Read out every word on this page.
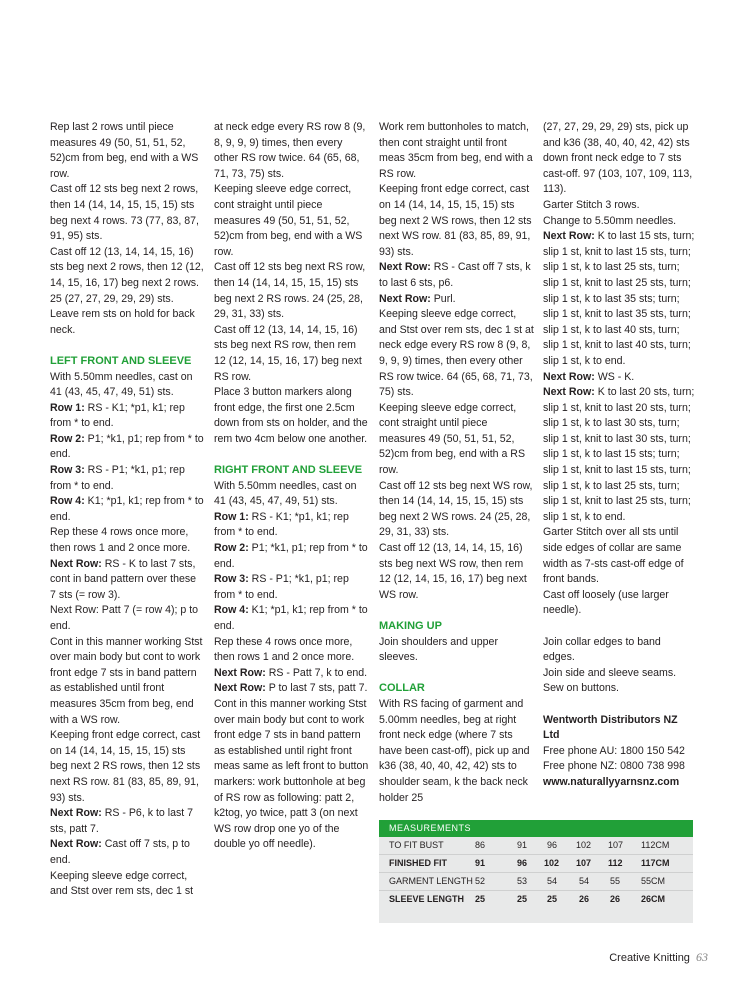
Rep last 2 rows until piece measures 49 (50, 51, 51, 52, 52)cm from beg, end with a WS row.

Cast off 12 sts beg next 2 rows, then 14 (14, 14, 15, 15, 15) sts beg next 4 rows. 73 (77, 83, 87, 91, 95) sts.

Cast off 12 (13, 14, 14, 15, 16) sts beg next 2 rows, then 12 (12, 14, 15, 16, 17) beg next 2 rows. 25 (27, 27, 29, 29, 29) sts.

Leave rem sts on hold for back neck.

LEFT FRONT AND SLEEVE

With 5.50mm needles, cast on 41 (43, 45, 47, 49, 51) sts.

Row 1: RS - K1; *p1, k1; rep from * to end.

Row 2: P1; *k1, p1; rep from * to end.

Row 3: RS - P1; *k1, p1; rep from * to end.

Row 4: K1; *p1, k1; rep from * to end.

Rep these 4 rows once more, then rows 1 and 2 once more.

Next Row: RS - K to last 7 sts, cont in band pattern over these 7 sts (= row 3).

Next Row: Patt 7 (= row 4); p to end.

Cont in this manner working Stst over main body but cont to work front edge 7 sts in band pattern as established until front measures 35cm from beg, end with a WS row.

Keeping front edge correct, cast on 14 (14, 14, 15, 15, 15) sts beg next 2 RS rows, then 12 sts next RS row. 81 (83, 85, 89, 91, 93) sts.

Next Row: RS - P6, k to last 7 sts, patt 7.

Next Row: Cast off 7 sts, p to end.

Keeping sleeve edge correct, and Stst over rem sts, dec 1 st

at neck edge every RS row 8 (9, 8, 9, 9, 9) times, then every other RS row twice. 64 (65, 68, 71, 73, 75) sts.

Keeping sleeve edge correct, cont straight until piece measures 49 (50, 51, 51, 52, 52)cm from beg, end with a WS row.

Cast off 12 sts beg next RS row, then 14 (14, 14, 15, 15, 15) sts beg next 2 RS rows. 24 (25, 28, 29, 31, 33) sts.

Cast off 12 (13, 14, 14, 15, 16) sts beg next RS row, then rem 12 (12, 14, 15, 16, 17) beg next RS row.

Place 3 button markers along front edge, the first one 2.5cm down from sts on holder, and the rem two 4cm below one another.

RIGHT FRONT AND SLEEVE

With 5.50mm needles, cast on 41 (43, 45, 47, 49, 51) sts.

Row 1: RS - K1; *p1, k1; rep from * to end.

Row 2: P1; *k1, p1; rep from * to end.

Row 3: RS - P1; *k1, p1; rep from * to end.

Row 4: K1; *p1, k1; rep from * to end.

Rep these 4 rows once more, then rows 1 and 2 once more.

Next Row: RS - Patt 7, k to end.

Next Row: P to last 7 sts, patt 7.

Cont in this manner working Stst over main body but cont to work front edge 7 sts in band pattern as established until right front meas same as left front to button markers: work buttonhole at beg of RS row as following: patt 2, k2tog, yo twice, patt 3 (on next WS row drop one yo of the double yo off needle).

Work rem buttonholes to match, then cont straight until front meas 35cm from beg, end with a RS row.

Keeping front edge correct, cast on 14 (14, 14, 15, 15, 15) sts beg next 2 WS rows, then 12 sts next WS row. 81 (83, 85, 89, 91, 93) sts.

Next Row: RS - Cast off 7 sts, k to last 6 sts, p6.

Next Row: Purl.

Keeping sleeve edge correct, and Stst over rem sts, dec 1 st at neck edge every RS row 8 (9, 8, 9, 9, 9) times, then every other RS row twice. 64 (65, 68, 71, 73, 75) sts.

Keeping sleeve edge correct, cont straight until piece measures 49 (50, 51, 51, 52, 52)cm from beg, end with a RS row.

Cast off 12 sts beg next WS row, then 14 (14, 14, 15, 15, 15) sts beg next 2 WS rows. 24 (25, 28, 29, 31, 33) sts.

Cast off 12 (13, 14, 14, 15, 16) sts beg next WS row, then rem 12 (12, 14, 15, 16, 17) beg next WS row.

MAKING UP

Join shoulders and upper sleeves.

COLLAR

With RS facing of garment and 5.00mm needles, beg at right front neck edge (where 7 sts have been cast-off), pick up and k36 (38, 40, 40, 42, 42) sts to shoulder seam, k the back neck holder 25

(27, 27, 29, 29, 29) sts, pick up and k36 (38, 40, 40, 42, 42) sts down front neck edge to 7 sts cast-off. 97 (103, 107, 109, 113, 113).

Garter Stitch 3 rows.

Change to 5.50mm needles.

Next Row: K to last 15 sts, turn; slip 1 st, knit to last 15 sts, turn; slip 1 st, k to last 25 sts, turn; slip 1 st, knit to last 25 sts, turn; slip 1 st, k to last 35 sts; turn; slip 1 st, knit to last 35 sts, turn; slip 1 st, k to last 40 sts, turn; slip 1 st, knit to last 40 sts, turn; slip 1 st, k to end.

Next Row: WS - K.

Next Row: K to last 20 sts, turn; slip 1 st, knit to last 20 sts, turn; slip 1 st, k to last 30 sts, turn; slip 1 st, knit to last 30 sts, turn; slip 1 st, k to last 15 sts; turn; slip 1 st, knit to last 15 sts, turn; slip 1 st, k to last 25 sts, turn; slip 1 st, knit to last 25 sts, turn; slip 1 st, k to end.

Garter Stitch over all sts until side edges of collar are same width as 7-sts cast-off edge of front bands.

Cast off loosely (use larger needle).

Join collar edges to band edges.

Join side and sleeve seams.

Sew on buttons.

Wentworth Distributors NZ Ltd

Free phone AU: 1800 150 542

Free phone NZ: 0800 738 998

www.naturallyyarnsnz.com

MEASUREMENTS
TO FIT BUST	86	91 96 102 107 112CM
FINISHED FIT	91	96 102 107 112 117CM
GARMENT LENGTH 52	53 54 54 55 55CM
SLEEVE LENGTH 25	25 25 26 26 26CM
Creative Knitting 63
